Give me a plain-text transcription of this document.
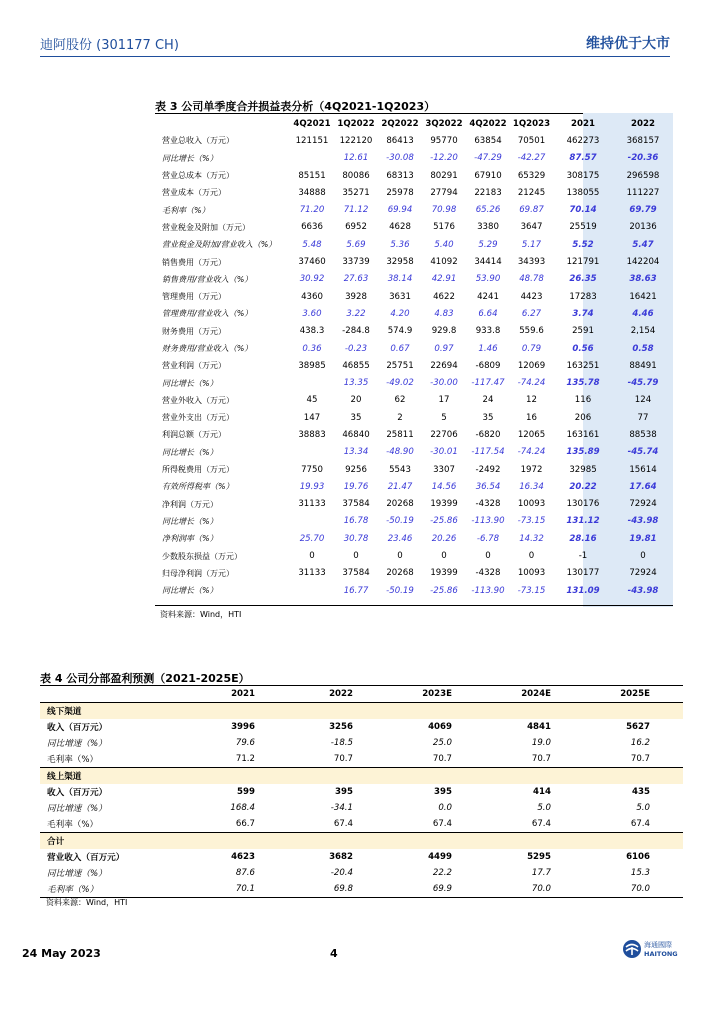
迪阿股份 (301177 CH)	维持优于大市
表 3 公司单季度合并损益表分析（4Q2021-1Q2023）
	4Q2021	1Q2022	2Q2022	3Q2022	4Q2022	1Q2023	2021	2022
营业总收入（万元）	121151	122120	86413	95770	63854	70501	462273	368157
同比增长（%）		12.61	-30.08	-12.20	-47.29	-42.27	87.57	-20.36
营业总成本（万元）	85151	80086	68313	80291	67910	65329	308175	296598
营业成本（万元）	34888	35271	25978	27794	22183	21245	138055	111227
毛利率（%）	71.20	71.12	69.94	70.98	65.26	69.87	70.14	69.79
营业税金及附加（万元）	6636	6952	4628	5176	3380	3647	25519	20136
营业税金及附加/营业收入（%）	5.48	5.69	5.36	5.40	5.29	5.17	5.52	5.47
销售费用（万元）	37460	33739	32958	41092	34414	34393	121791	142204
销售费用/营业收入（%）	30.92	27.63	38.14	42.91	53.90	48.78	26.35	38.63
管理费用（万元）	4360	3928	3631	4622	4241	4423	17283	16421
管理费用/营业收入（%）	3.60	3.22	4.20	4.83	6.64	6.27	3.74	4.46
财务费用（万元）	438.3	-284.8	574.9	929.8	933.8	559.6	2591	2,154
财务费用/营业收入（%）	0.36	-0.23	0.67	0.97	1.46	0.79	0.56	0.58
营业利润（万元）	38985	46855	25751	22694	-6809	12069	163251	88491
同比增长（%）		13.35	-49.02	-30.00	-117.47	-74.24	135.78	-45.79
营业外收入（万元）	45	20	62	17	24	12	116	124
营业外支出（万元）	147	35	2	5	35	16	206	77
利润总额（万元）	38883	46840	25811	22706	-6820	12065	163161	88538
同比增长（%）		13.34	-48.90	-30.01	-117.54	-74.24	135.89	-45.74
所得税费用（万元）	7750	9256	5543	3307	-2492	1972	32985	15614
有效所得税率（%）	19.93	19.76	21.47	14.56	36.54	16.34	20.22	17.64
净利润（万元）	31133	37584	20268	19399	-4328	10093	130176	72924
同比增长（%）		16.78	-50.19	-25.86	-113.90	-73.15	131.12	-43.98
净利润率（%）	25.70	30.78	23.46	20.26	-6.78	14.32	28.16	19.81
少数股东损益（万元）	0	0	0	0	0	0	-1	0
归母净利润（万元）	31133	37584	20268	19399	-4328	10093	130177	72924
同比增长（%）		16.77	-50.19	-25.86	-113.90	-73.15	131.09	-43.98
资料来源：Wind，HTI
表 4 公司分部盈利预测（2021-2025E）
	2021	2022	2023E	2024E	2025E
线下渠道					
收入（百万元）	3996	3256	4069	4841	5627
同比增速（%）	79.6	-18.5	25.0	19.0	16.2
毛利率（%）	71.2	70.7	70.7	70.7	70.7
线上渠道					
收入（百万元）	599	395	395	414	435
同比增速（%）	168.4	-34.1	0.0	5.0	5.0
毛利率（%）	66.7	67.4	67.4	67.4	67.4
合计					
营业收入（百万元）	4623	3682	4499	5295	6106
同比增速（%）	87.6	-20.4	22.2	17.7	15.3
毛利率（%）	70.1	69.8	69.9	70.0	70.0
资料来源：Wind，HTI
24 May 2023	4
海通國際
HAITONG
